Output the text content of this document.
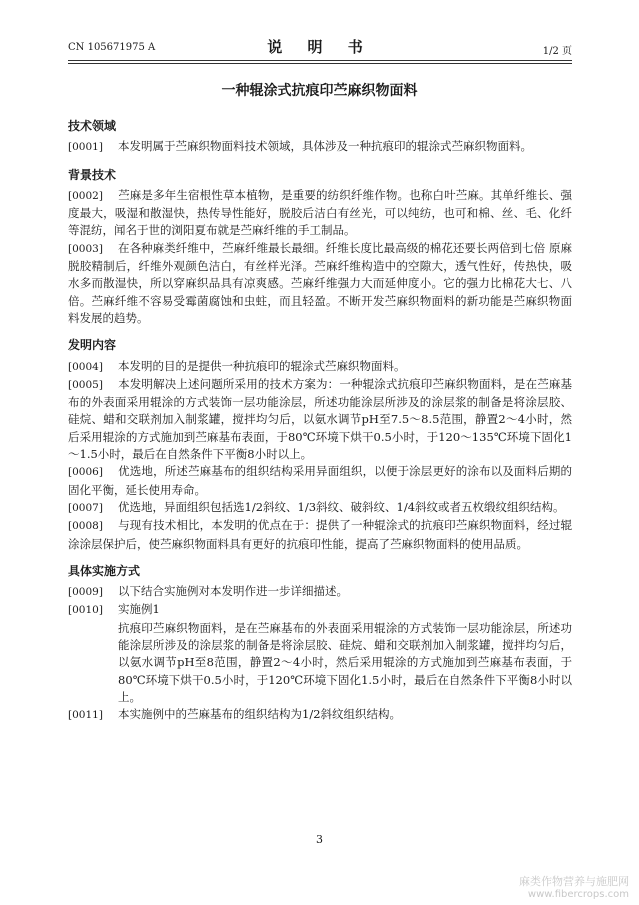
CN 105671975 A	说 明 书	1/2 页
一种辊涂式抗痕印苎麻织物面料
技术领域
[0001] 本发明属于苎麻织物面料技术领域，具体涉及一种抗痕印的辊涂式苎麻织物面料。
背景技术
[0002] 苎麻是多年生宿根性草本植物，是重要的纺织纤维作物。也称白叶苎麻。其单纤维长、强度最大，吸湿和散湿快，热传导性能好，脱胶后洁白有丝光，可以纯纺，也可和棉、丝、毛、化纤等混纺，闻名于世的浏阳夏布就是苎麻纤维的手工制品。
[0003] 在各种麻类纤维中，苎麻纤维最长最细。纤维长度比最高级的棉花还要长两倍到七倍 原麻脱胶精制后，纤维外观颜色洁白，有丝样光泽。苎麻纤维构造中的空隙大，透气性好，传热快，吸水多而散湿快，所以穿麻织品具有凉爽感。苎麻纤维强力大而延伸度小。它的强力比棉花大七、八倍。苎麻纤维不容易受霉菌腐蚀和虫蛀，而且轻盈。不断开发苎麻织物面料的新功能是苎麻织物面料发展的趋势。
发明内容
[0004] 本发明的目的是提供一种抗痕印的辊涂式苎麻织物面料。
[0005] 本发明解决上述问题所采用的技术方案为：一种辊涂式抗痕印苎麻织物面料，是在苎麻基布的外表面采用辊涂的方式装饰一层功能涂层，所述功能涂层所涉及的涂层浆的制备是将涂层胶、硅烷、蜡和交联剂加入制浆罐，搅拌均匀后，以氨水调节pH至7.5～8.5范围，静置2～4小时，然后采用辊涂的方式施加到苎麻基布表面，于80℃环境下烘干0.5小时，于120～135℃环境下固化1～1.5小时，最后在自然条件下平衡8小时以上。
[0006] 优选地，所述苎麻基布的组织结构采用异面组织，以便于涂层更好的涂布以及面料后期的固化平衡，延长使用寿命。
[0007] 优选地，异面组织包括选1/2斜纹、1/3斜纹、破斜纹、1/4斜纹或者五枚缎纹组织结构。
[0008] 与现有技术相比，本发明的优点在于：提供了一种辊涂式的抗痕印苎麻织物面料，经过辊涂涂层保护后，使苎麻织物面料具有更好的抗痕印性能，提高了苎麻织物面料的使用品质。
具体实施方式
[0009] 以下结合实施例对本发明作进一步详细描述。
[0010] 实施例1
抗痕印苎麻织物面料，是在苎麻基布的外表面采用辊涂的方式装饰一层功能涂层，所述功能涂层所涉及的涂层浆的制备是将涂层胶、硅烷、蜡和交联剂加入制浆罐，搅拌均匀后，以氨水调节pH至8范围，静置2～4小时，然后采用辊涂的方式施加到苎麻基布表面，于80℃环境下烘干0.5小时，于120℃环境下固化1.5小时，最后在自然条件下平衡8小时以上。
[0011] 本实施例中的苎麻基布的组织结构为1/2斜纹组织结构。
3
麻类作物营养与施肥网
www.fibercrops.com
